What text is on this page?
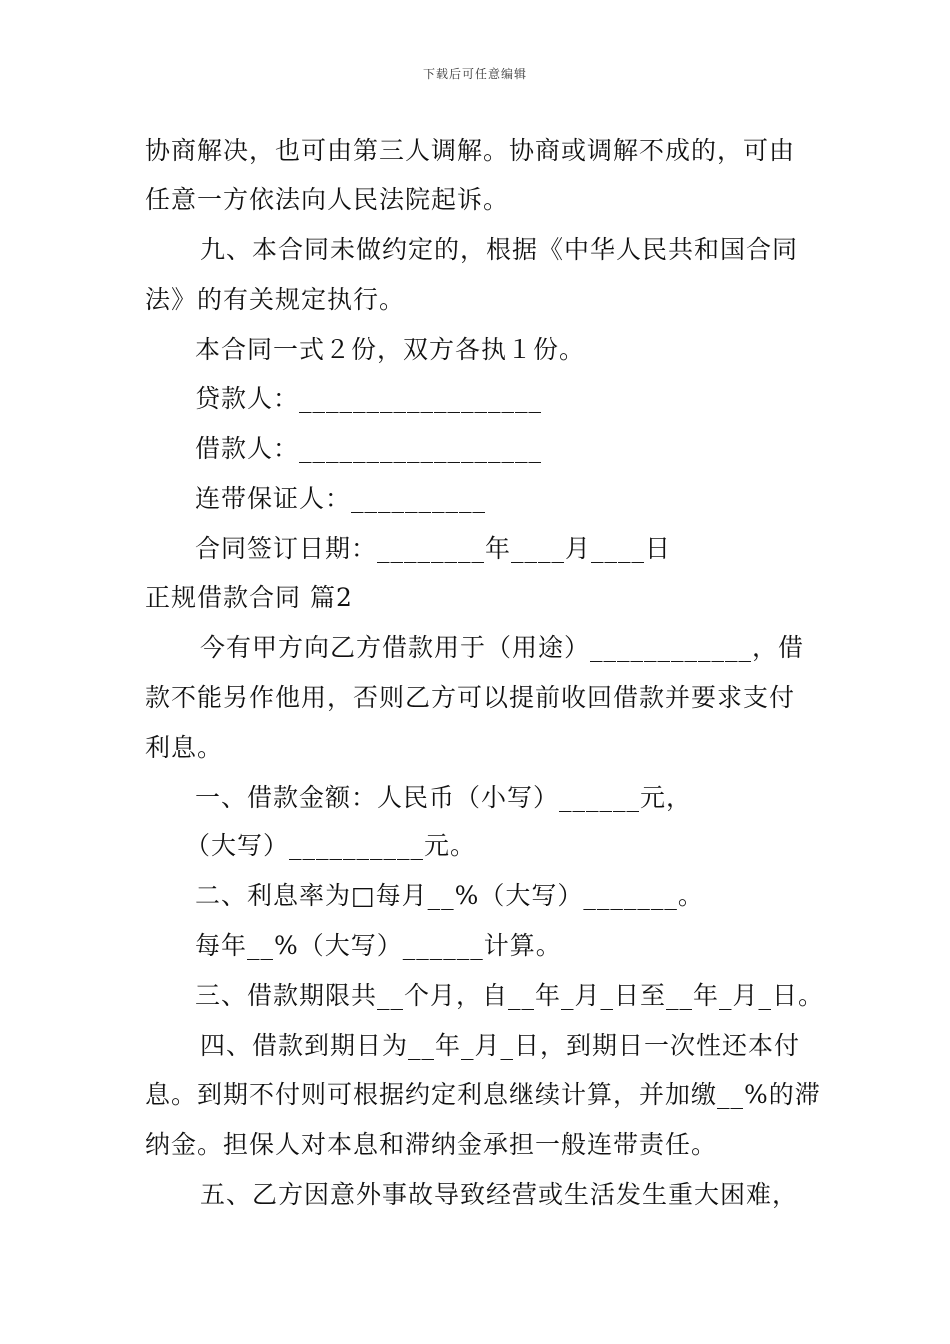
下载后可任意编辑
协商解决，也可由第三人调解。协商或调解不成的，可由
任意一方依法向人民法院起诉。
九、本合同未做约定的，根据《中华人民共和国合同
法》的有关规定执行。
本合同一式２份，双方各执１份。
贷款人：__________________
借款人：__________________
连带保证人：__________
合同签订日期：________年____月____日
正规借款合同 篇2
今有甲方向乙方借款用于（用途）____________，借
款不能另作他用，否则乙方可以提前收回借款并要求支付
利息。
一、借款金额：人民币（小写）______元，
（大写）__________元。
二、利息率为□每月__%（大写）_______。
每年__%（大写）______计算。
三、借款期限共__个月，自__年_月_日至__年_月_日。
四、借款到期日为__年_月_日，到期日一次性还本付
息。到期不付则可根据约定利息继续计算，并加缴__%的滞
纳金。担保人对本息和滞纳金承担一般连带责任。
五、乙方因意外事故导致经营或生活发生重大困难，
